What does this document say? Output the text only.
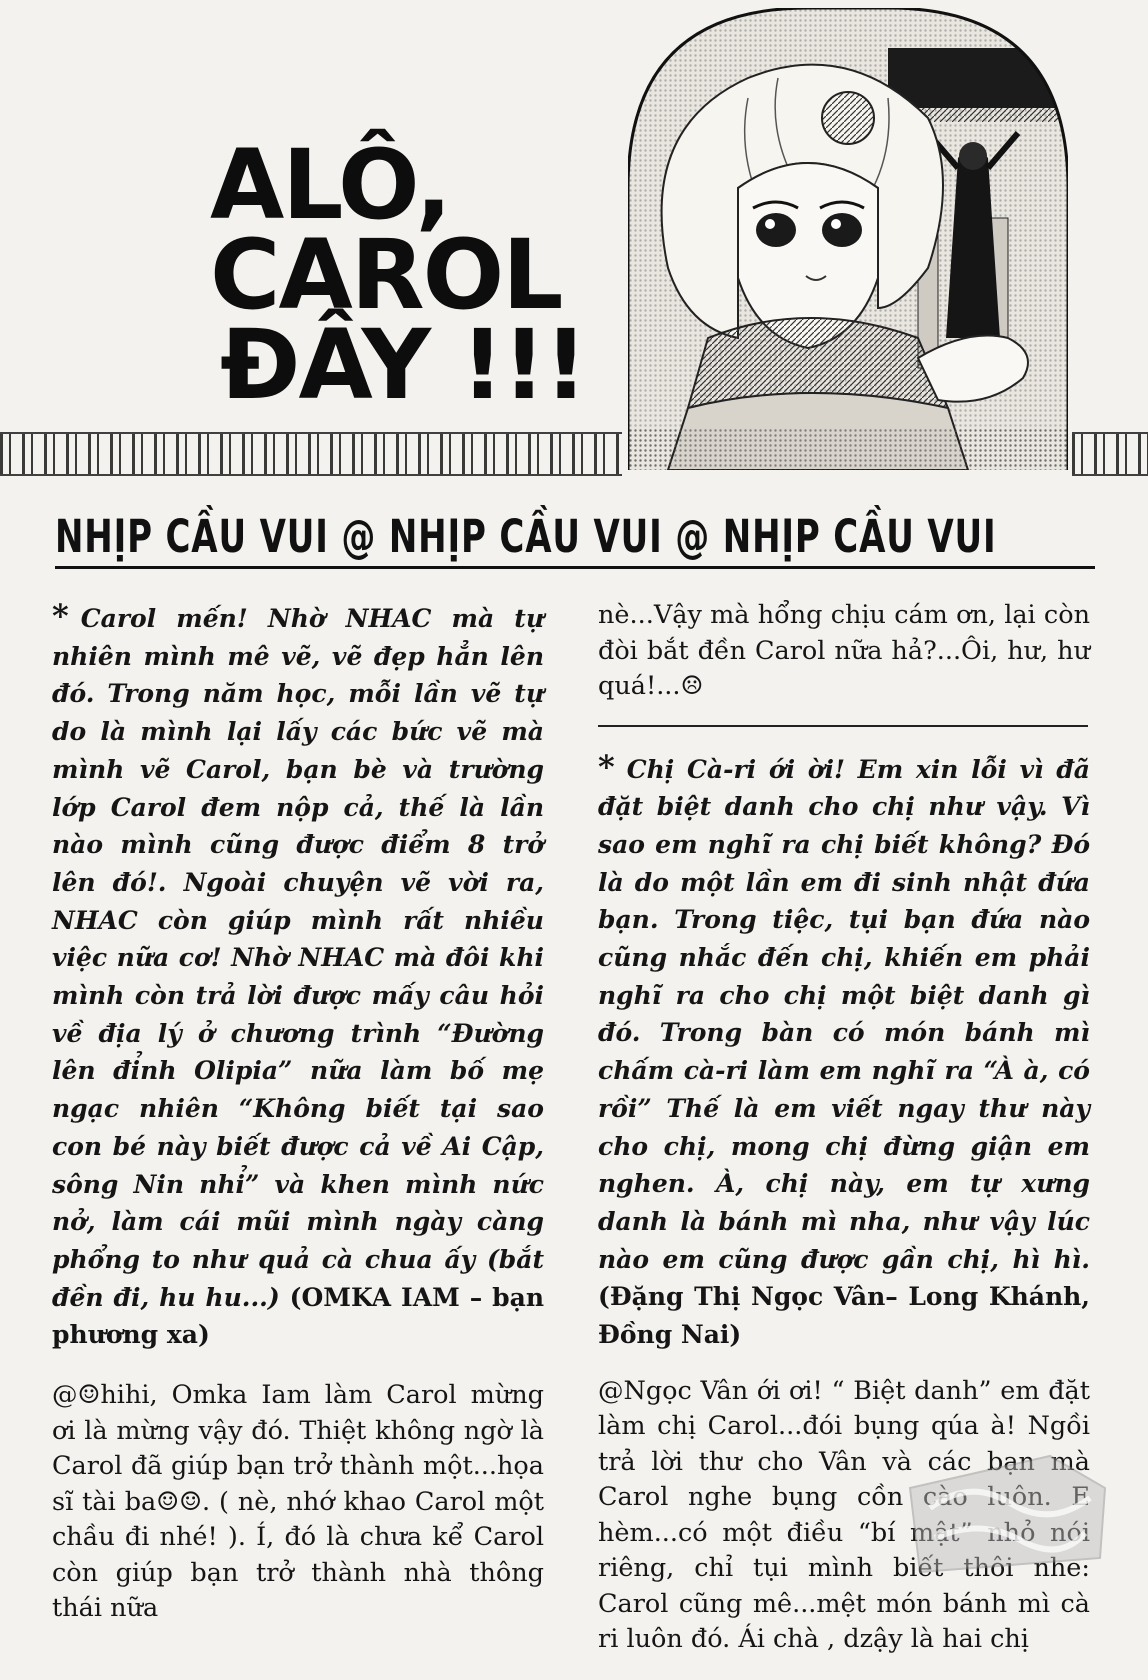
ALÔ,
CAROL
ĐÂY !!!
NHỊP CẦU VUI @ NHỊP CẦU VUI @ NHỊP CẦU VUI

* Carol mến! Nhờ NHAC mà tự nhiên mình mê vẽ, vẽ đẹp hẳn lên đó. Trong năm học, mỗi lần vẽ tự do là mình lại lấy các bức vẽ mà mình vẽ Carol, bạn bè và trường lớp Carol đem nộp cả, thế là lần nào mình cũng được điểm 8 trở lên đó!. Ngoài chuyện vẽ vời ra, NHAC còn giúp mình rất nhiều việc nữa cơ! Nhờ NHAC mà đôi khi mình còn trả lời được mấy câu hỏi về địa lý ở chương trình “Đường lên đỉnh Olipia” nữa làm bố mẹ ngạc nhiên “Không biết tại sao con bé này biết được cả về Ai Cập, sông Nin nhỉ” và khen mình nức nở, làm cái mũi mình ngày càng phổng to như quả cà chua ấy (bắt đền đi, hu hu...) (OMKA IAM – bạn phương xa)

@☺hihi, Omka Iam làm Carol mừng ơi là mừng vậy đó. Thiệt không ngờ là Carol đã giúp bạn trở thành một...họa sĩ tài ba☺☺. ( nè, nhớ khao Carol một chầu đi nhé! ). Í, đó là chưa kể Carol còn giúp bạn trở thành nhà thông thái nữa

nè...Vậy mà hổng chịu cám ơn, lại còn đòi bắt đền Carol nữa hả?...Ôi, hư, hư quá!...☹

* Chị Cà-ri ới ời! Em xin lỗi vì đã đặt biệt danh cho chị như vậy. Vì sao em nghĩ ra chị biết không? Đó là do một lần em đi sinh nhật đứa bạn. Trong tiệc, tụi bạn đứa nào cũng nhắc đến chị, khiến em phải nghĩ ra cho chị một biệt danh gì đó. Trong bàn có món bánh mì chấm cà-ri làm em nghĩ ra “À à, có rồi” Thế là em viết ngay thư này cho chị, mong chị đừng giận em nghen. À, chị này, em tự xưng danh là bánh mì nha, như vậy lúc nào em cũng được gần chị, hì hì. (Đặng Thị Ngọc Vân– Long Khánh, Đồng Nai)

@Ngọc Vân ới ơi! “ Biệt danh” em đặt làm chị Carol...đói bụng qúa à! Ngồi trả lời thư cho Vân và các bạn mà Carol nghe bụng cồn cào luôn. E hèm...có một điều “bí mật” nhỏ nói riêng, chỉ tụi mình biết thôi nhe: Carol cũng mê...mệt món bánh mì cà ri luôn đó. Ái chà , dzậy là hai chị
